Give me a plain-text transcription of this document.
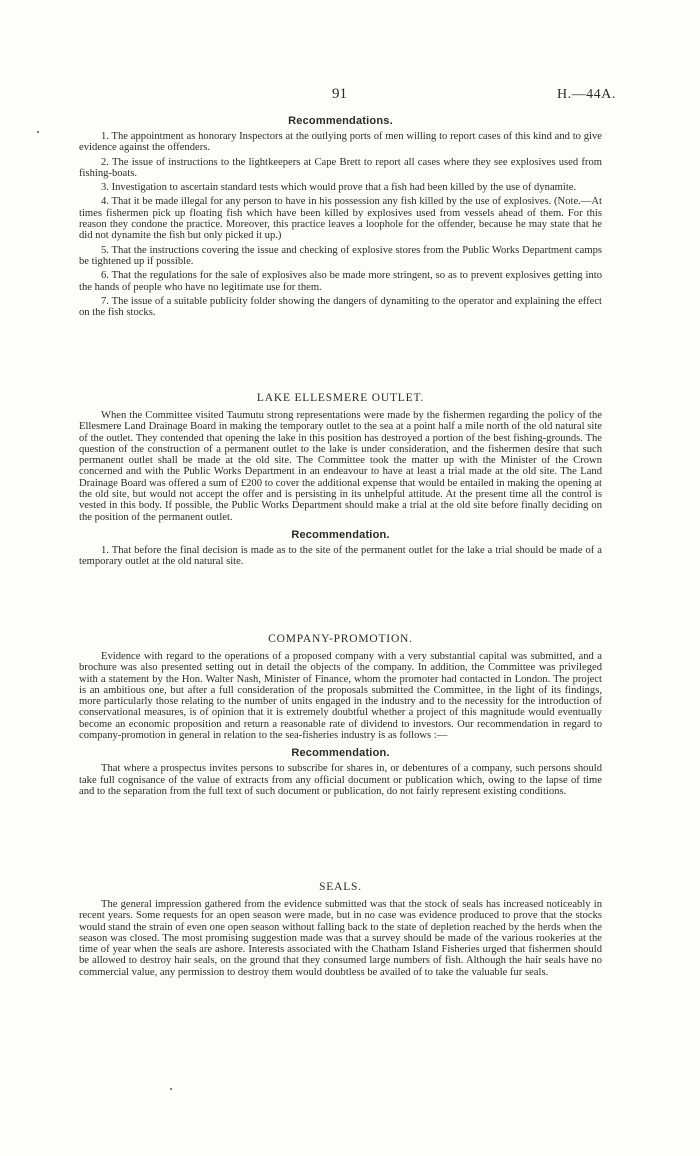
91	H.—44A.
Recommendations.

1. The appointment as honorary Inspectors at the outlying ports of men willing to report cases of this kind and to give evidence against the offenders.

2. The issue of instructions to the lightkeepers at Cape Brett to report all cases where they see explosives used from fishing-boats.

3. Investigation to ascertain standard tests which would prove that a fish had been killed by the use of dynamite.

4. That it be made illegal for any person to have in his possession any fish killed by the use of explosives. (Note.—At times fishermen pick up floating fish which have been killed by explosives used from vessels ahead of them. For this reason they condone the practice. Moreover, this practice leaves a loophole for the offender, because he may state that he did not dynamite the fish but only picked it up.)

5. That the instructions covering the issue and checking of explosive stores from the Public Works Department camps be tightened up if possible.

6. That the regulations for the sale of explosives also be made more stringent, so as to prevent explosives getting into the hands of people who have no legitimate use for them.

7. The issue of a suitable publicity folder showing the dangers of dynamiting to the operator and explaining the effect on the fish stocks.

LAKE ELLESMERE OUTLET.

When the Committee visited Taumutu strong representations were made by the fishermen regarding the policy of the Ellesmere Land Drainage Board in making the temporary outlet to the sea at a point half a mile north of the old natural site of the outlet. They contended that opening the lake in this position has destroyed a portion of the best fishing-grounds. The question of the construction of a permanent outlet to the lake is under consideration, and the fishermen desire that such permanent outlet shall be made at the old site. The Committee took the matter up with the Minister of the Crown concerned and with the Public Works Department in an endeavour to have at least a trial made at the old site. The Land Drainage Board was offered a sum of £200 to cover the additional expense that would be entailed in making the opening at the old site, but would not accept the offer and is persisting in its unhelpful attitude. At the present time all the control is vested in this body. If possible, the Public Works Department should make a trial at the old site before finally deciding on the position of the permanent outlet.

Recommendation.

1. That before the final decision is made as to the site of the permanent outlet for the lake a trial should be made of a temporary outlet at the old natural site.

COMPANY-PROMOTION.

Evidence with regard to the operations of a proposed company with a very substantial capital was submitted, and a brochure was also presented setting out in detail the objects of the company. In addition, the Committee was privileged with a statement by the Hon. Walter Nash, Minister of Finance, whom the promoter had contacted in London. The project is an ambitious one, but after a full consideration of the proposals submitted the Committee, in the light of its findings, more particularly those relating to the number of units engaged in the industry and to the necessity for the introduction of conservational measures, is of opinion that it is extremely doubtful whether a project of this magnitude would eventually become an economic proposition and return a reasonable rate of dividend to investors. Our recommendation in regard to company-promotion in general in relation to the sea-fisheries industry is as follows :—

Recommendation.

That where a prospectus invites persons to subscribe for shares in, or debentures of a company, such persons should take full cognisance of the value of extracts from any official document or publication which, owing to the lapse of time and to the separation from the full text of such document or publication, do not fairly represent existing conditions.

SEALS.

The general impression gathered from the evidence submitted was that the stock of seals has increased noticeably in recent years. Some requests for an open season were made, but in no case was evidence produced to prove that the stocks would stand the strain of even one open season without falling back to the state of depletion reached by the herds when the season was closed. The most promising suggestion made was that a survey should be made of the various rookeries at the time of year when the seals are ashore. Interests associated with the Chatham Island Fisheries urged that fishermen should be allowed to destroy hair seals, on the ground that they consumed large numbers of fish. Although the hair seals have no commercial value, any permission to destroy them would doubtless be availed of to take the valuable fur seals.
